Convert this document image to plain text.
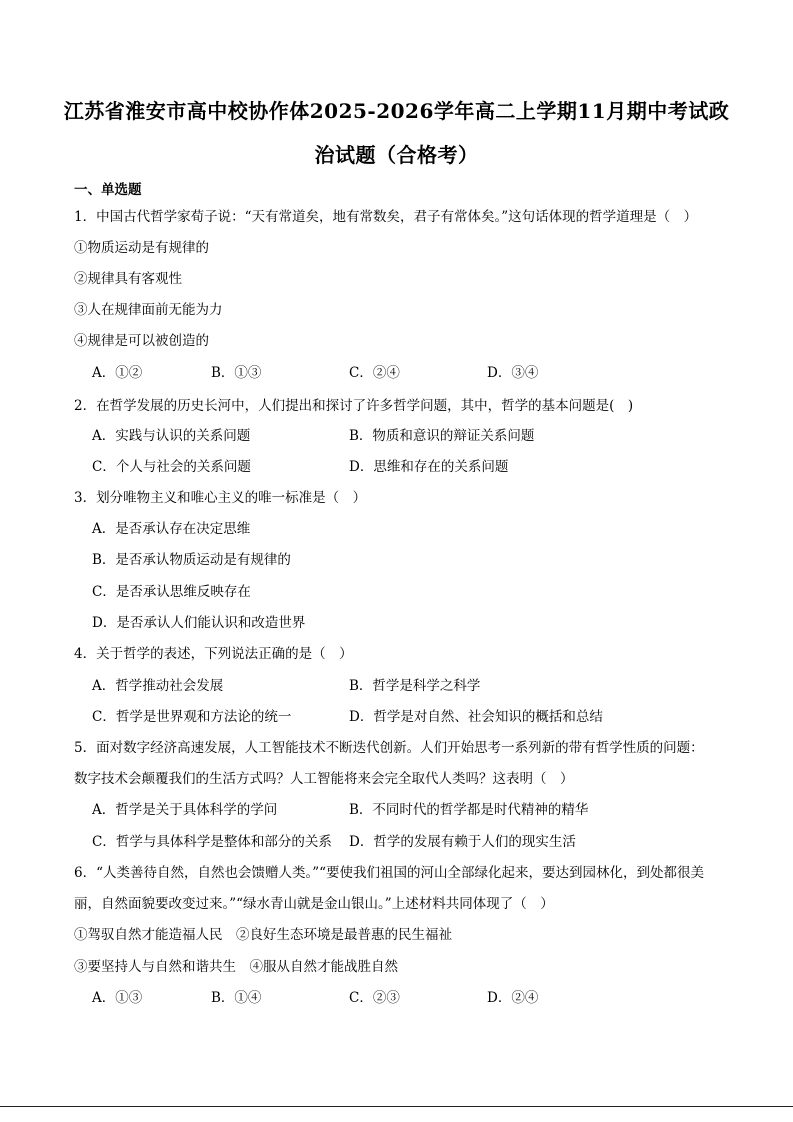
江苏省淮安市高中校协作体2025-2026学年高二上学期11月期中考试政
治试题（合格考）
一、单选题
1．中国古代哲学家荀子说：“天有常道矣，地有常数矣，君子有常体矣。”这句话体现的哲学道理是（　）
①物质运动是有规律的
②规律具有客观性
③人在规律面前无能为力
④规律是可以被创造的
A．①②	B．①③	C．②④	D．③④
2．在哲学发展的历史长河中，人们提出和探讨了许多哲学问题，其中，哲学的基本问题是(　)
A．实践与认识的关系问题	B．物质和意识的辩证关系问题
C．个人与社会的关系问题	D．思维和存在的关系问题
3．划分唯物主义和唯心主义的唯一标准是（　）
A．是否承认存在决定思维
B．是否承认物质运动是有规律的
C．是否承认思维反映存在
D．是否承认人们能认识和改造世界
4．关于哲学的表述，下列说法正确的是（　）
A．哲学推动社会发展	B．哲学是科学之科学
C．哲学是世界观和方法论的统一	D．哲学是对自然、社会知识的概括和总结
5．面对数字经济高速发展，人工智能技术不断迭代创新。人们开始思考一系列新的带有哲学性质的问题：
数字技术会颠覆我们的生活方式吗？人工智能将来会完全取代人类吗？这表明（　）
A．哲学是关于具体科学的学问	B．不同时代的哲学都是时代精神的精华
C．哲学与具体科学是整体和部分的关系 D．哲学的发展有赖于人们的现实生活
6．“人类善待自然，自然也会馈赠人类。”“要使我们祖国的河山全部绿化起来，要达到园林化，到处都很美
丽，自然面貌要改变过来。”“绿水青山就是金山银山。”上述材料共同体现了（　）
①驾驭自然才能造福人民　②良好生态环境是最普惠的民生福祉
③要坚持人与自然和谐共生　④服从自然才能战胜自然
A．①③	B．①④	C．②③	D．②④
